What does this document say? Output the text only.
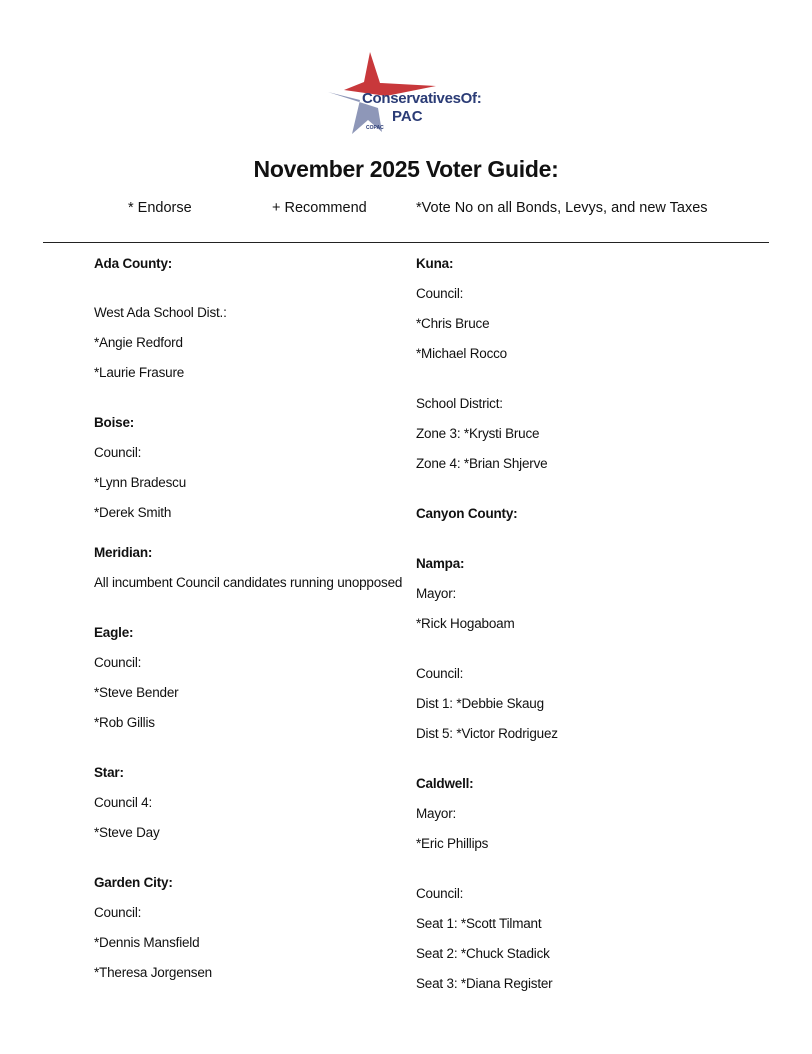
ConservativesOf:
PAC
COPAC
November 2025 Voter Guide:
* Endorse	+ Recommend	*Vote No on all Bonds, Levys, and new Taxes
Ada County:
West Ada School Dist.:
*Angie Redford
*Laurie Frasure
Boise:
Council:
*Lynn Bradescu
*Derek Smith
Meridian:
All incumbent Council candidates running unopposed
Eagle:
Council:
*Steve Bender
*Rob Gillis
Star:
Council 4:
*Steve Day
Garden City:
Council:
*Dennis Mansfield
*Theresa Jorgensen
Kuna:
Council:
*Chris Bruce
*Michael Rocco
School District:
Zone 3: *Krysti Bruce
Zone 4: *Brian Shjerve
Canyon County:
Nampa:
Mayor:
*Rick Hogaboam
Council:
Dist 1: *Debbie Skaug
Dist 5: *Victor Rodriguez
Caldwell:
Mayor:
*Eric Phillips
Council:
Seat 1: *Scott Tilmant
Seat 2: *Chuck Stadick
Seat 3: *Diana Register
